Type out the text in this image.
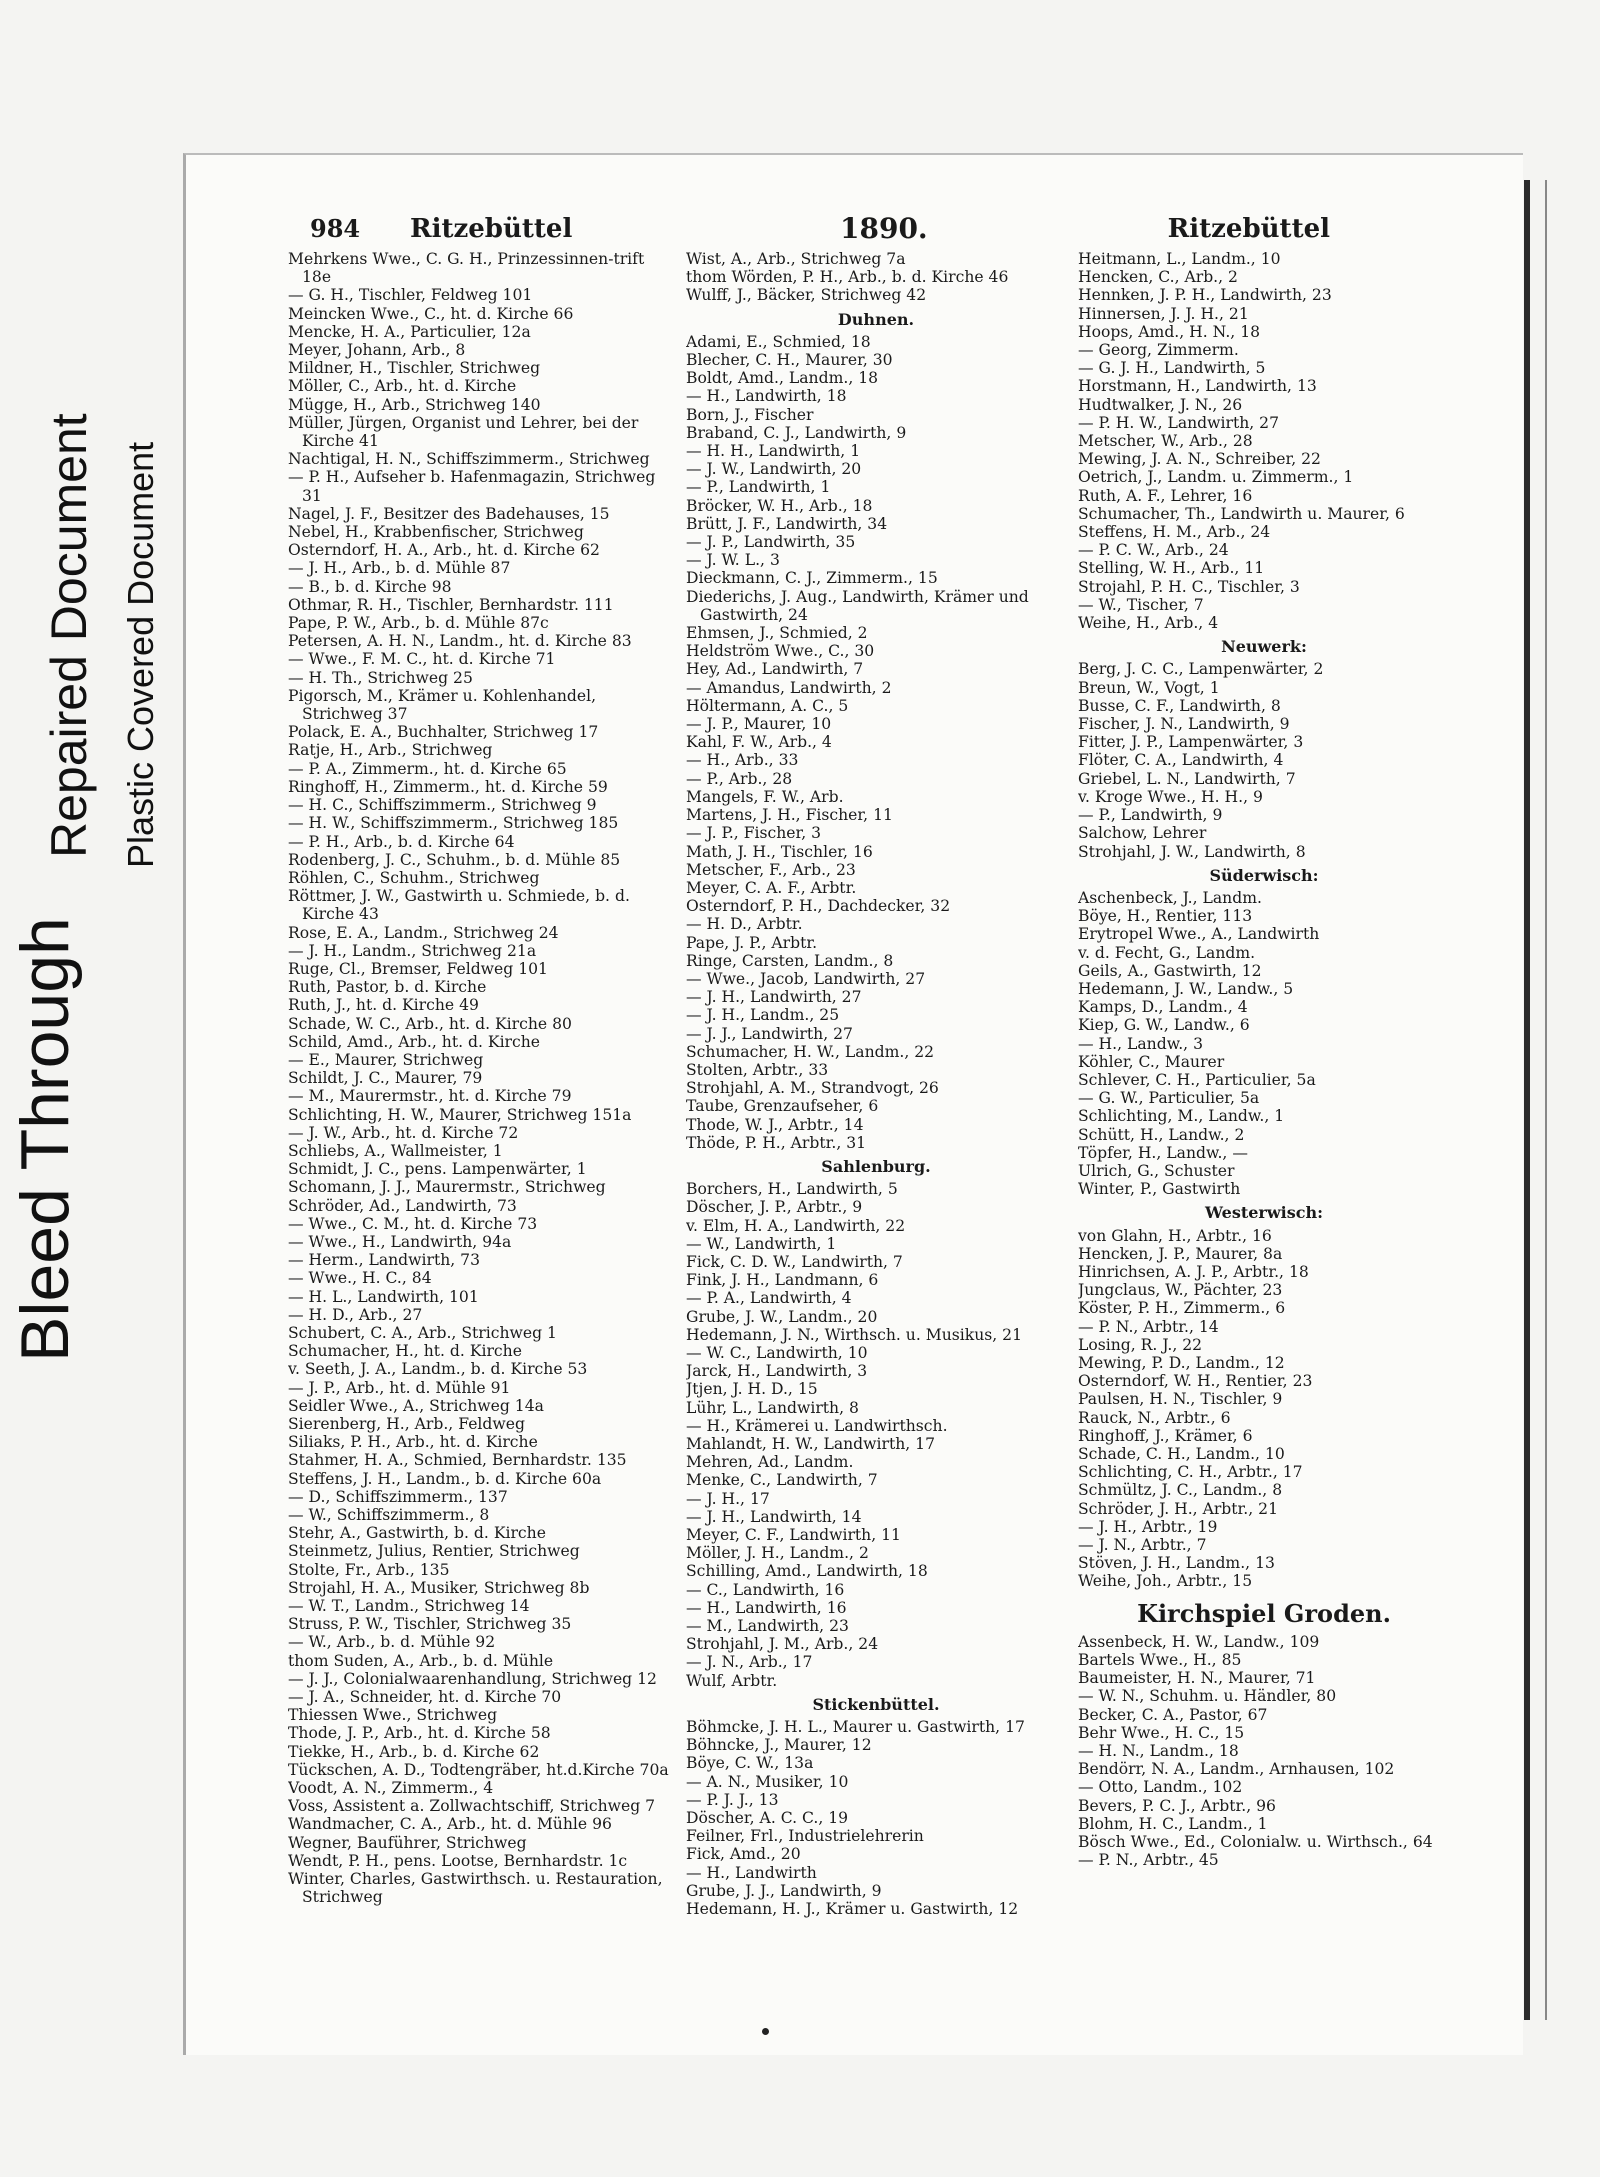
Bleed Through
Repaired Document Plastic Covered Document
984 Ritzebüttel	1890.	Ritzebüttel
Mehrkens Wwe., C. G. H., Prinzessinnen-trift 18e
— G. H., Tischler, Feldweg 101
Meincken Wwe., C., ht. d. Kirche 66
Mencke, H. A., Particulier, 12a
Meyer, Johann, Arb., 8
Mildner, H., Tischler, Strichweg
Möller, C., Arb., ht. d. Kirche
Mügge, H., Arb., Strichweg 140
Müller, Jürgen, Organist und Lehrer, bei der Kirche 41
Nachtigal, H. N., Schiffszimmerm., Strichweg
— P. H., Aufseher b. Hafenmagazin, Strichweg 31
Nagel, J. F., Besitzer des Badehauses, 15
Nebel, H., Krabbenfischer, Strichweg
Osterndorf, H. A., Arb., ht. d. Kirche 62
— J. H., Arb., b. d. Mühle 87
— B., b. d. Kirche 98
Othmar, R. H., Tischler, Bernhardstr. 111
Pape, P. W., Arb., b. d. Mühle 87c
Petersen, A. H. N., Landm., ht. d. Kirche 83
— Wwe., F. M. C., ht. d. Kirche 71
— H. Th., Strichweg 25
Pigorsch, M., Krämer u. Kohlenhandel, Strichweg 37
Polack, E. A., Buchhalter, Strichweg 17
Ratje, H., Arb., Strichweg
— P. A., Zimmerm., ht. d. Kirche 65
Ringhoff, H., Zimmerm., ht. d. Kirche 59
— H. C., Schiffszimmerm., Strichweg 9
— H. W., Schiffszimmerm., Strichweg 185
— P. H., Arb., b. d. Kirche 64
Rodenberg, J. C., Schuhm., b. d. Mühle 85
Röhlen, C., Schuhm., Strichweg
Röttmer, J. W., Gastwirth u. Schmiede, b. d. Kirche 43
Rose, E. A., Landm., Strichweg 24
— J. H., Landm., Strichweg 21a
Ruge, Cl., Bremser, Feldweg 101
Ruth, Pastor, b. d. Kirche
Ruth, J., ht. d. Kirche 49
Schade, W. C., Arb., ht. d. Kirche 80
Schild, Amd., Arb., ht. d. Kirche
— E., Maurer, Strichweg
Schildt, J. C., Maurer, 79
— M., Maurermstr., ht. d. Kirche 79
Schlichting, H. W., Maurer, Strichweg 151a
— J. W., Arb., ht. d. Kirche 72
Schliebs, A., Wallmeister, 1
Schmidt, J. C., pens. Lampenwärter, 1
Schomann, J. J., Maurermstr., Strichweg
Schröder, Ad., Landwirth, 73
— Wwe., C. M., ht. d. Kirche 73
— Wwe., H., Landwirth, 94a
— Herm., Landwirth, 73
— Wwe., H. C., 84
— H. L., Landwirth, 101
— H. D., Arb., 27
Schubert, C. A., Arb., Strichweg 1
Schumacher, H., ht. d. Kirche
v. Seeth, J. A., Landm., b. d. Kirche 53
— J. P., Arb., ht. d. Mühle 91
Seidler Wwe., A., Strichweg 14a
Sierenberg, H., Arb., Feldweg
Siliaks, P. H., Arb., ht. d. Kirche
Stahmer, H. A., Schmied, Bernhardstr. 135
Steffens, J. H., Landm., b. d. Kirche 60a
— D., Schiffszimmerm., 137
— W., Schiffszimmerm., 8
Stehr, A., Gastwirth, b. d. Kirche
Steinmetz, Julius, Rentier, Strichweg
Stolte, Fr., Arb., 135
Strojahl, H. A., Musiker, Strichweg 8b
— W. T., Landm., Strichweg 14
Struss, P. W., Tischler, Strichweg 35
— W., Arb., b. d. Mühle 92
thom Suden, A., Arb., b. d. Mühle
— J. J., Colonialwaarenhandlung, Strichweg 12
— J. A., Schneider, ht. d. Kirche 70
Thiessen Wwe., Strichweg
Thode, J. P., Arb., ht. d. Kirche 58
Tiekke, H., Arb., b. d. Kirche 62
Tückschen, A. D., Todtengräber, ht.d.Kirche 70a
Voodt, A. N., Zimmerm., 4
Voss, Assistent a. Zollwachtschiff, Strichweg 7
Wandmacher, C. A., Arb., ht. d. Mühle 96
Wegner, Bauführer, Strichweg
Wendt, P. H., pens. Lootse, Bernhardstr. 1c
Winter, Charles, Gastwirthsch. u. Restauration, Strichweg
Wist, A., Arb., Strichweg 7a
thom Wörden, P. H., Arb., b. d. Kirche 46
Wulff, J., Bäcker, Strichweg 42
Duhnen.
Adami, E., Schmied, 18
Blecher, C. H., Maurer, 30
Boldt, Amd., Landm., 18
— H., Landwirth, 18
Born, J., Fischer
Braband, C. J., Landwirth, 9
— H. H., Landwirth, 1
— J. W., Landwirth, 20
— P., Landwirth, 1
Bröcker, W. H., Arb., 18
Brütt, J. F., Landwirth, 34
— J. P., Landwirth, 35
— J. W. L., 3
Dieckmann, C. J., Zimmerm., 15
Diederichs, J. Aug., Landwirth, Krämer und Gastwirth, 24
Ehmsen, J., Schmied, 2
Heldström Wwe., C., 30
Hey, Ad., Landwirth, 7
— Amandus, Landwirth, 2
Höltermann, A. C., 5
— J. P., Maurer, 10
Kahl, F. W., Arb., 4
— H., Arb., 33
— P., Arb., 28
Mangels, F. W., Arb.
Martens, J. H., Fischer, 11
— J. P., Fischer, 3
Math, J. H., Tischler, 16
Metscher, F., Arb., 23
Meyer, C. A. F., Arbtr.
Osterndorf, P. H., Dachdecker, 32
— H. D., Arbtr.
Pape, J. P., Arbtr.
Ringe, Carsten, Landm., 8
— Wwe., Jacob, Landwirth, 27
— J. H., Landwirth, 27
— J. H., Landm., 25
— J. J., Landwirth, 27
Schumacher, H. W., Landm., 22
Stolten, Arbtr., 33
Strohjahl, A. M., Strandvogt, 26
Taube, Grenzaufseher, 6
Thode, W. J., Arbtr., 14
Thöde, P. H., Arbtr., 31
Sahlenburg.
Borchers, H., Landwirth, 5
Döscher, J. P., Arbtr., 9
v. Elm, H. A., Landwirth, 22
— W., Landwirth, 1
Fick, C. D. W., Landwirth, 7
Fink, J. H., Landmann, 6
— P. A., Landwirth, 4
Grube, J. W., Landm., 20
Hedemann, J. N., Wirthsch. u. Musikus, 21
— W. C., Landwirth, 10
Jarck, H., Landwirth, 3
Jtjen, J. H. D., 15
Lühr, L., Landwirth, 8
— H., Krämerei u. Landwirthsch.
Mahlandt, H. W., Landwirth, 17
Mehren, Ad., Landm.
Menke, C., Landwirth, 7
— J. H., 17
— J. H., Landwirth, 14
Meyer, C. F., Landwirth, 11
Möller, J. H., Landm., 2
Schilling, Amd., Landwirth, 18
— C., Landwirth, 16
— H., Landwirth, 16
— M., Landwirth, 23
Strohjahl, J. M., Arb., 24
— J. N., Arb., 17
Wulf, Arbtr.
Stickenbüttel.
Böhmcke, J. H. L., Maurer u. Gastwirth, 17
Böhncke, J., Maurer, 12
Böye, C. W., 13a
— A. N., Musiker, 10
— P. J. J., 13
Döscher, A. C. C., 19
Feilner, Frl., Industrielehrerin
Fick, Amd., 20
— H., Landwirth
Grube, J. J., Landwirth, 9
Hedemann, H. J., Krämer u. Gastwirth, 12
Heitmann, L., Landm., 10
Hencken, C., Arb., 2
Hennken, J. P. H., Landwirth, 23
Hinnersen, J. J. H., 21
Hoops, Amd., H. N., 18
— Georg, Zimmerm.
— G. J. H., Landwirth, 5
Horstmann, H., Landwirth, 13
Hudtwalker, J. N., 26
— P. H. W., Landwirth, 27
Metscher, W., Arb., 28
Mewing, J. A. N., Schreiber, 22
Oetrich, J., Landm. u. Zimmerm., 1
Ruth, A. F., Lehrer, 16
Schumacher, Th., Landwirth u. Maurer, 6
Steffens, H. M., Arb., 24
— P. C. W., Arb., 24
Stelling, W. H., Arb., 11
Strojahl, P. H. C., Tischler, 3
— W., Tischer, 7
Weihe, H., Arb., 4
Neuwerk:
Berg, J. C. C., Lampenwärter, 2
Breun, W., Vogt, 1
Busse, C. F., Landwirth, 8
Fischer, J. N., Landwirth, 9
Fitter, J. P., Lampenwärter, 3
Flöter, C. A., Landwirth, 4
Griebel, L. N., Landwirth, 7
v. Kroge Wwe., H. H., 9
— P., Landwirth, 9
Salchow, Lehrer
Strohjahl, J. W., Landwirth, 8
Süderwisch:
Aschenbeck, J., Landm.
Böye, H., Rentier, 113
Erytropel Wwe., A., Landwirth
v. d. Fecht, G., Landm.
Geils, A., Gastwirth, 12
Hedemann, J. W., Landw., 5
Kamps, D., Landm., 4
Kiep, G. W., Landw., 6
— H., Landw., 3
Köhler, C., Maurer
Schlever, C. H., Particulier, 5a
— G. W., Particulier, 5a
Schlichting, M., Landw., 1
Schütt, H., Landw., 2
Töpfer, H., Landw., —
Ulrich, G., Schuster
Winter, P., Gastwirth
Westerwisch:
von Glahn, H., Arbtr., 16
Hencken, J. P., Maurer, 8a
Hinrichsen, A. J. P., Arbtr., 18
Jungclaus, W., Pächter, 23
Köster, P. H., Zimmerm., 6
— P. N., Arbtr., 14
Losing, R. J., 22
Mewing, P. D., Landm., 12
Osterndorf, W. H., Rentier, 23
Paulsen, H. N., Tischler, 9
Rauck, N., Arbtr., 6
Ringhoff, J., Krämer, 6
Schade, C. H., Landm., 10
Schlichting, C. H., Arbtr., 17
Schmültz, J. C., Landm., 8
Schröder, J. H., Arbtr., 21
— J. H., Arbtr., 19
— J. N., Arbtr., 7
Stöven, J. H., Landm., 13
Weihe, Joh., Arbtr., 15
Kirchspiel Groden.
Assenbeck, H. W., Landw., 109
Bartels Wwe., H., 85
Baumeister, H. N., Maurer, 71
— W. N., Schuhm. u. Händler, 80
Becker, C. A., Pastor, 67
Behr Wwe., H. C., 15
— H. N., Landm., 18
Bendörr, N. A., Landm., Arnhausen, 102
— Otto, Landm., 102
Bevers, P. C. J., Arbtr., 96
Blohm, H. C., Landm., 1
Bösch Wwe., Ed., Colonialw. u. Wirthsch., 64
— P. N., Arbtr., 45
